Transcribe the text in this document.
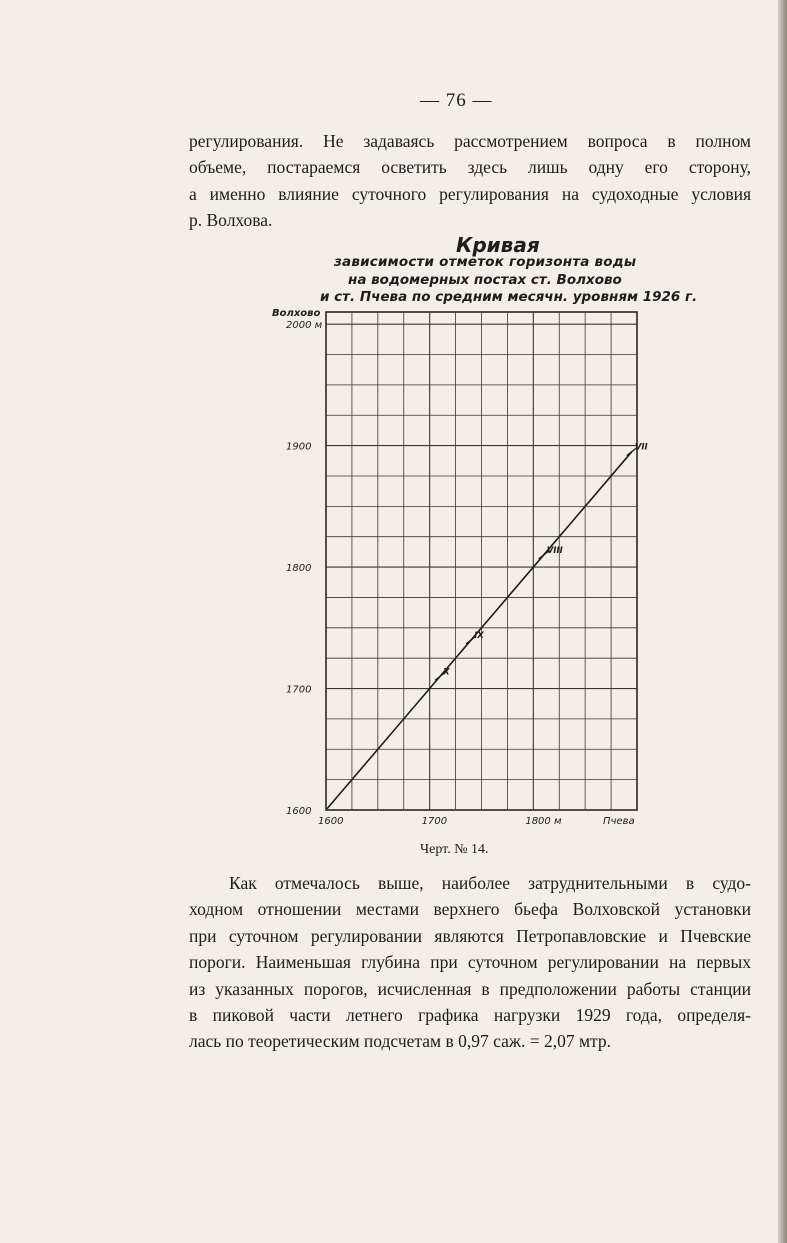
— 76 —
регулирования. Не задаваясь рассмотрением вопроса в полном
объеме, постараемся осветить здесь лишь одну его сторону,
а именно влияние суточного регулирования на судоходные условия
р. Волхова.
Кривая
зависимости отметок горизонта воды
на водомерных постах ст. Волхово
и ст. Пчева по средним месячн. уровням 1926 г.
Волхово
1600
1700
1800
1900
2000 м
1600	1700	1800 м	Пчева
X
IX
VIII
VII
Черт. № 14.
Как отмечалось выше, наиболее затруднительными в судо-
ходном отношении местами верхнего бьефа Волховской установки
при суточном регулировании являются Петропавловские и Пчевские
пороги. Наименьшая глубина при суточном регулировании на первых
из указанных порогов, исчисленная в предположении работы станции
в пиковой части летнего графика нагрузки 1929 года, определя-
лась по теоретическим подсчетам в 0,97 саж. = 2,07 мтр.
